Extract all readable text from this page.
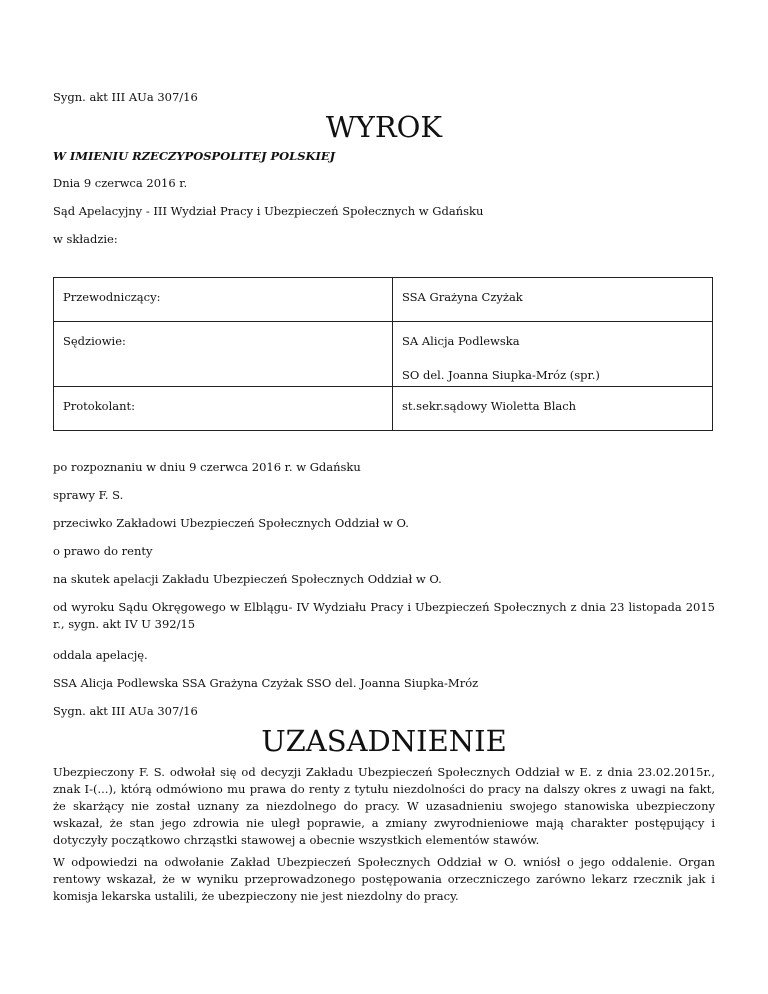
Sygn. akt III AUa 307/16

WYROK

W IMIENIU RZECZYPOSPOLITEJ POLSKIEJ

Dnia 9 czerwca 2016 r.

Sąd Apelacyjny - III Wydział Pracy i Ubezpieczeń Społecznych w Gdańsku

w składzie:

Przewodniczący:	SSA Grażyna Czyżak

Sędziowie:	SA Alicja Podlewska
SO del. Joanna Siupka-Mróz (spr.)

Protokolant:	st.sekr.sądowy Wioletta Blach

po rozpoznaniu w dniu 9 czerwca 2016 r. w Gdańsku

sprawy F. S.

przeciwko Zakładowi Ubezpieczeń Społecznych Oddział w O.

o prawo do renty

na skutek apelacji Zakładu Ubezpieczeń Społecznych Oddział w O.

od wyroku Sądu Okręgowego w Elblągu- IV Wydziału Pracy i Ubezpieczeń Społecznych z dnia 23 listopada 2015 r., sygn. akt IV U 392/15

oddala apelację.

SSA Alicja Podlewska SSA Grażyna Czyżak SSO del. Joanna Siupka-Mróz

Sygn. akt III AUa 307/16

UZASADNIENIE

Ubezpieczony F. S. odwołał się od decyzji Zakładu Ubezpieczeń Społecznych Oddział w E. z dnia 23.02.2015r., znak I-(...), którą odmówiono mu prawa do renty z tytułu niezdolności do pracy na dalszy okres z uwagi na fakt, że skarżący nie został uznany za niezdolnego do pracy. W uzasadnieniu swojego stanowiska ubezpieczony wskazał, że stan jego zdrowia nie uległ poprawie, a zmiany zwyrodnieniowe mają charakter postępujący i dotyczyły początkowo chrząstki stawowej a obecnie wszystkich elementów stawów.

W odpowiedzi na odwołanie Zakład Ubezpieczeń Społecznych Oddział w O. wniósł o jego oddalenie. Organ rentowy wskazał, że w wyniku przeprowadzonego postępowania orzeczniczego zarówno lekarz rzecznik jak i komisja lekarska ustalili, że ubezpieczony nie jest niezdolny do pracy.
